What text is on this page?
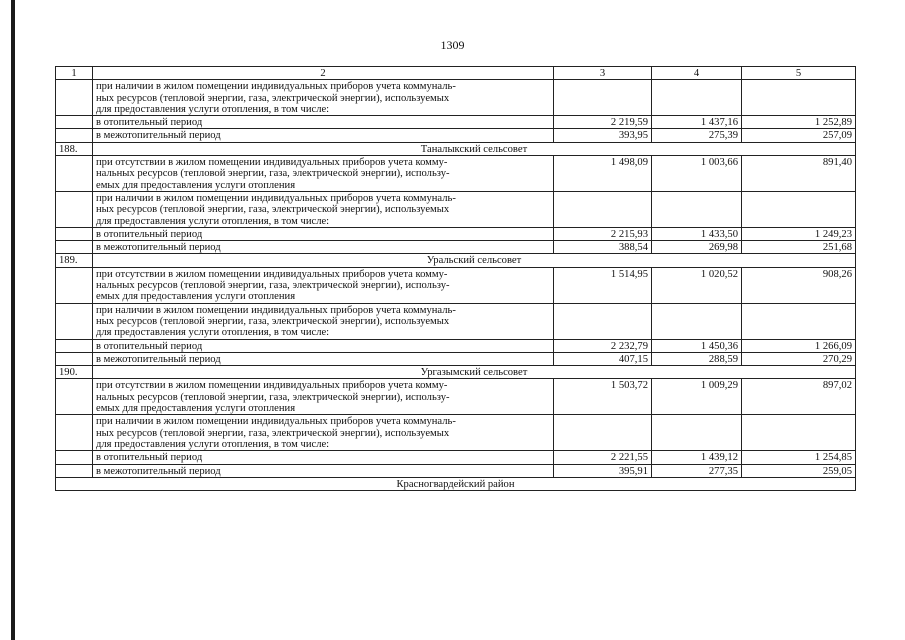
1309
1	2	3	4	5
	при наличии в жилом помещении индивидуальных приборов учета коммуналь-
ных ресурсов (тепловой энергии, газа, электрической энергии), используемых
для предоставления услуги отопления, в том числе:			
	в отопительный период	2 219,59	1 437,16	1 252,89
	в межотопительный период	393,95	275,39	257,09
188.	Таналыкский сельсовет			
	при отсутствии в жилом помещении индивидуальных приборов учета комму-
нальных ресурсов (тепловой энергии, газа, электрической энергии), использу-
емых для предоставления услуги отопления	1 498,09	1 003,66	891,40
	при наличии в жилом помещении индивидуальных приборов учета коммуналь-
ных ресурсов (тепловой энергии, газа, электрической энергии), используемых
для предоставления услуги отопления, в том числе:			
	в отопительный период	2 215,93	1 433,50	1 249,23
	в межотопительный период	388,54	269,98	251,68
189.	Уральский сельсовет			
	при отсутствии в жилом помещении индивидуальных приборов учета комму-
нальных ресурсов (тепловой энергии, газа, электрической энергии), использу-
емых для предоставления услуги отопления	1 514,95	1 020,52	908,26
	при наличии в жилом помещении индивидуальных приборов учета коммуналь-
ных ресурсов (тепловой энергии, газа, электрической энергии), используемых
для предоставления услуги отопления, в том числе:			
	в отопительный период	2 232,79	1 450,36	1 266,09
	в межотопительный период	407,15	288,59	270,29
190.	Ургазымский сельсовет			
	при отсутствии в жилом помещении индивидуальных приборов учета комму-
нальных ресурсов (тепловой энергии, газа, электрической энергии), использу-
емых для предоставления услуги отопления	1 503,72	1 009,29	897,02
	при наличии в жилом помещении индивидуальных приборов учета коммуналь-
ных ресурсов (тепловой энергии, газа, электрической энергии), используемых
для предоставления услуги отопления, в том числе:			
	в отопительный период	2 221,55	1 439,12	1 254,85
	в межотопительный период	395,91	277,35	259,05
Красногвардейский район				
